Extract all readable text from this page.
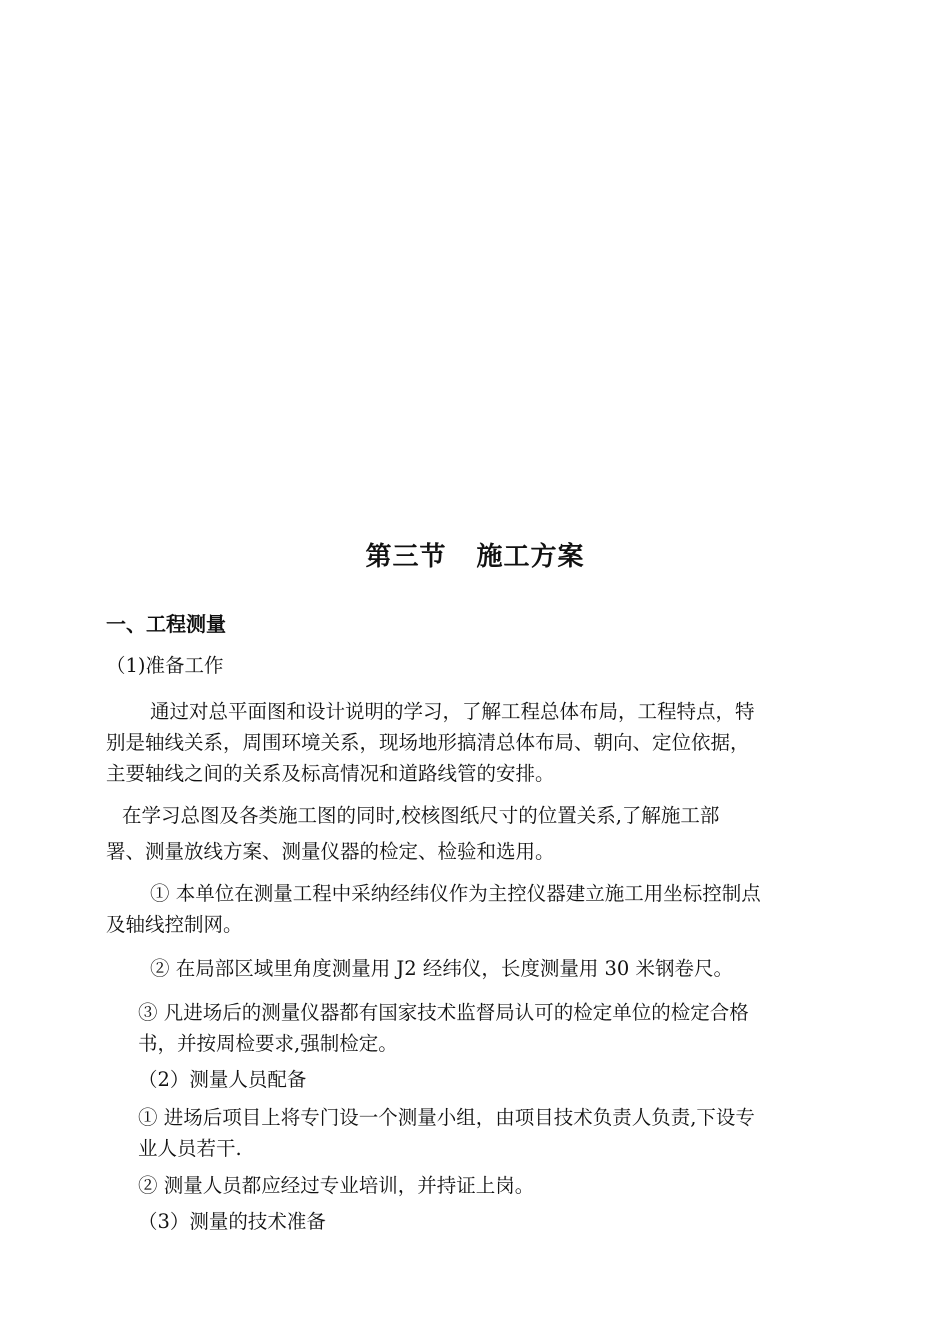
第三节 施工方案
一、工程测量
（1)准备工作
通过对总平面图和设计说明的学习，了解工程总体布局，工程特点，特
别是轴线关系，周围环境关系，现场地形搞清总体布局、朝向、定位依据，
主要轴线之间的关系及标高情况和道路线管的安排。
在学习总图及各类施工图的同时,校核图纸尺寸的位置关系,了解施工部
署、测量放线方案、测量仪器的检定、检验和选用。
① 本单位在测量工程中采纳经纬仪作为主控仪器建立施工用坐标控制点
及轴线控制网。
② 在局部区域里角度测量用 J2 经纬仪，长度测量用 30 米钢卷尺。
③ 凡进场后的测量仪器都有国家技术监督局认可的检定单位的检定合格
书，并按周检要求,强制检定。
（2）测量人员配备
① 进场后项目上将专门设一个测量小组，由项目技术负责人负责,下设专
业人员若干.
② 测量人员都应经过专业培训，并持证上岗。
（3）测量的技术准备
